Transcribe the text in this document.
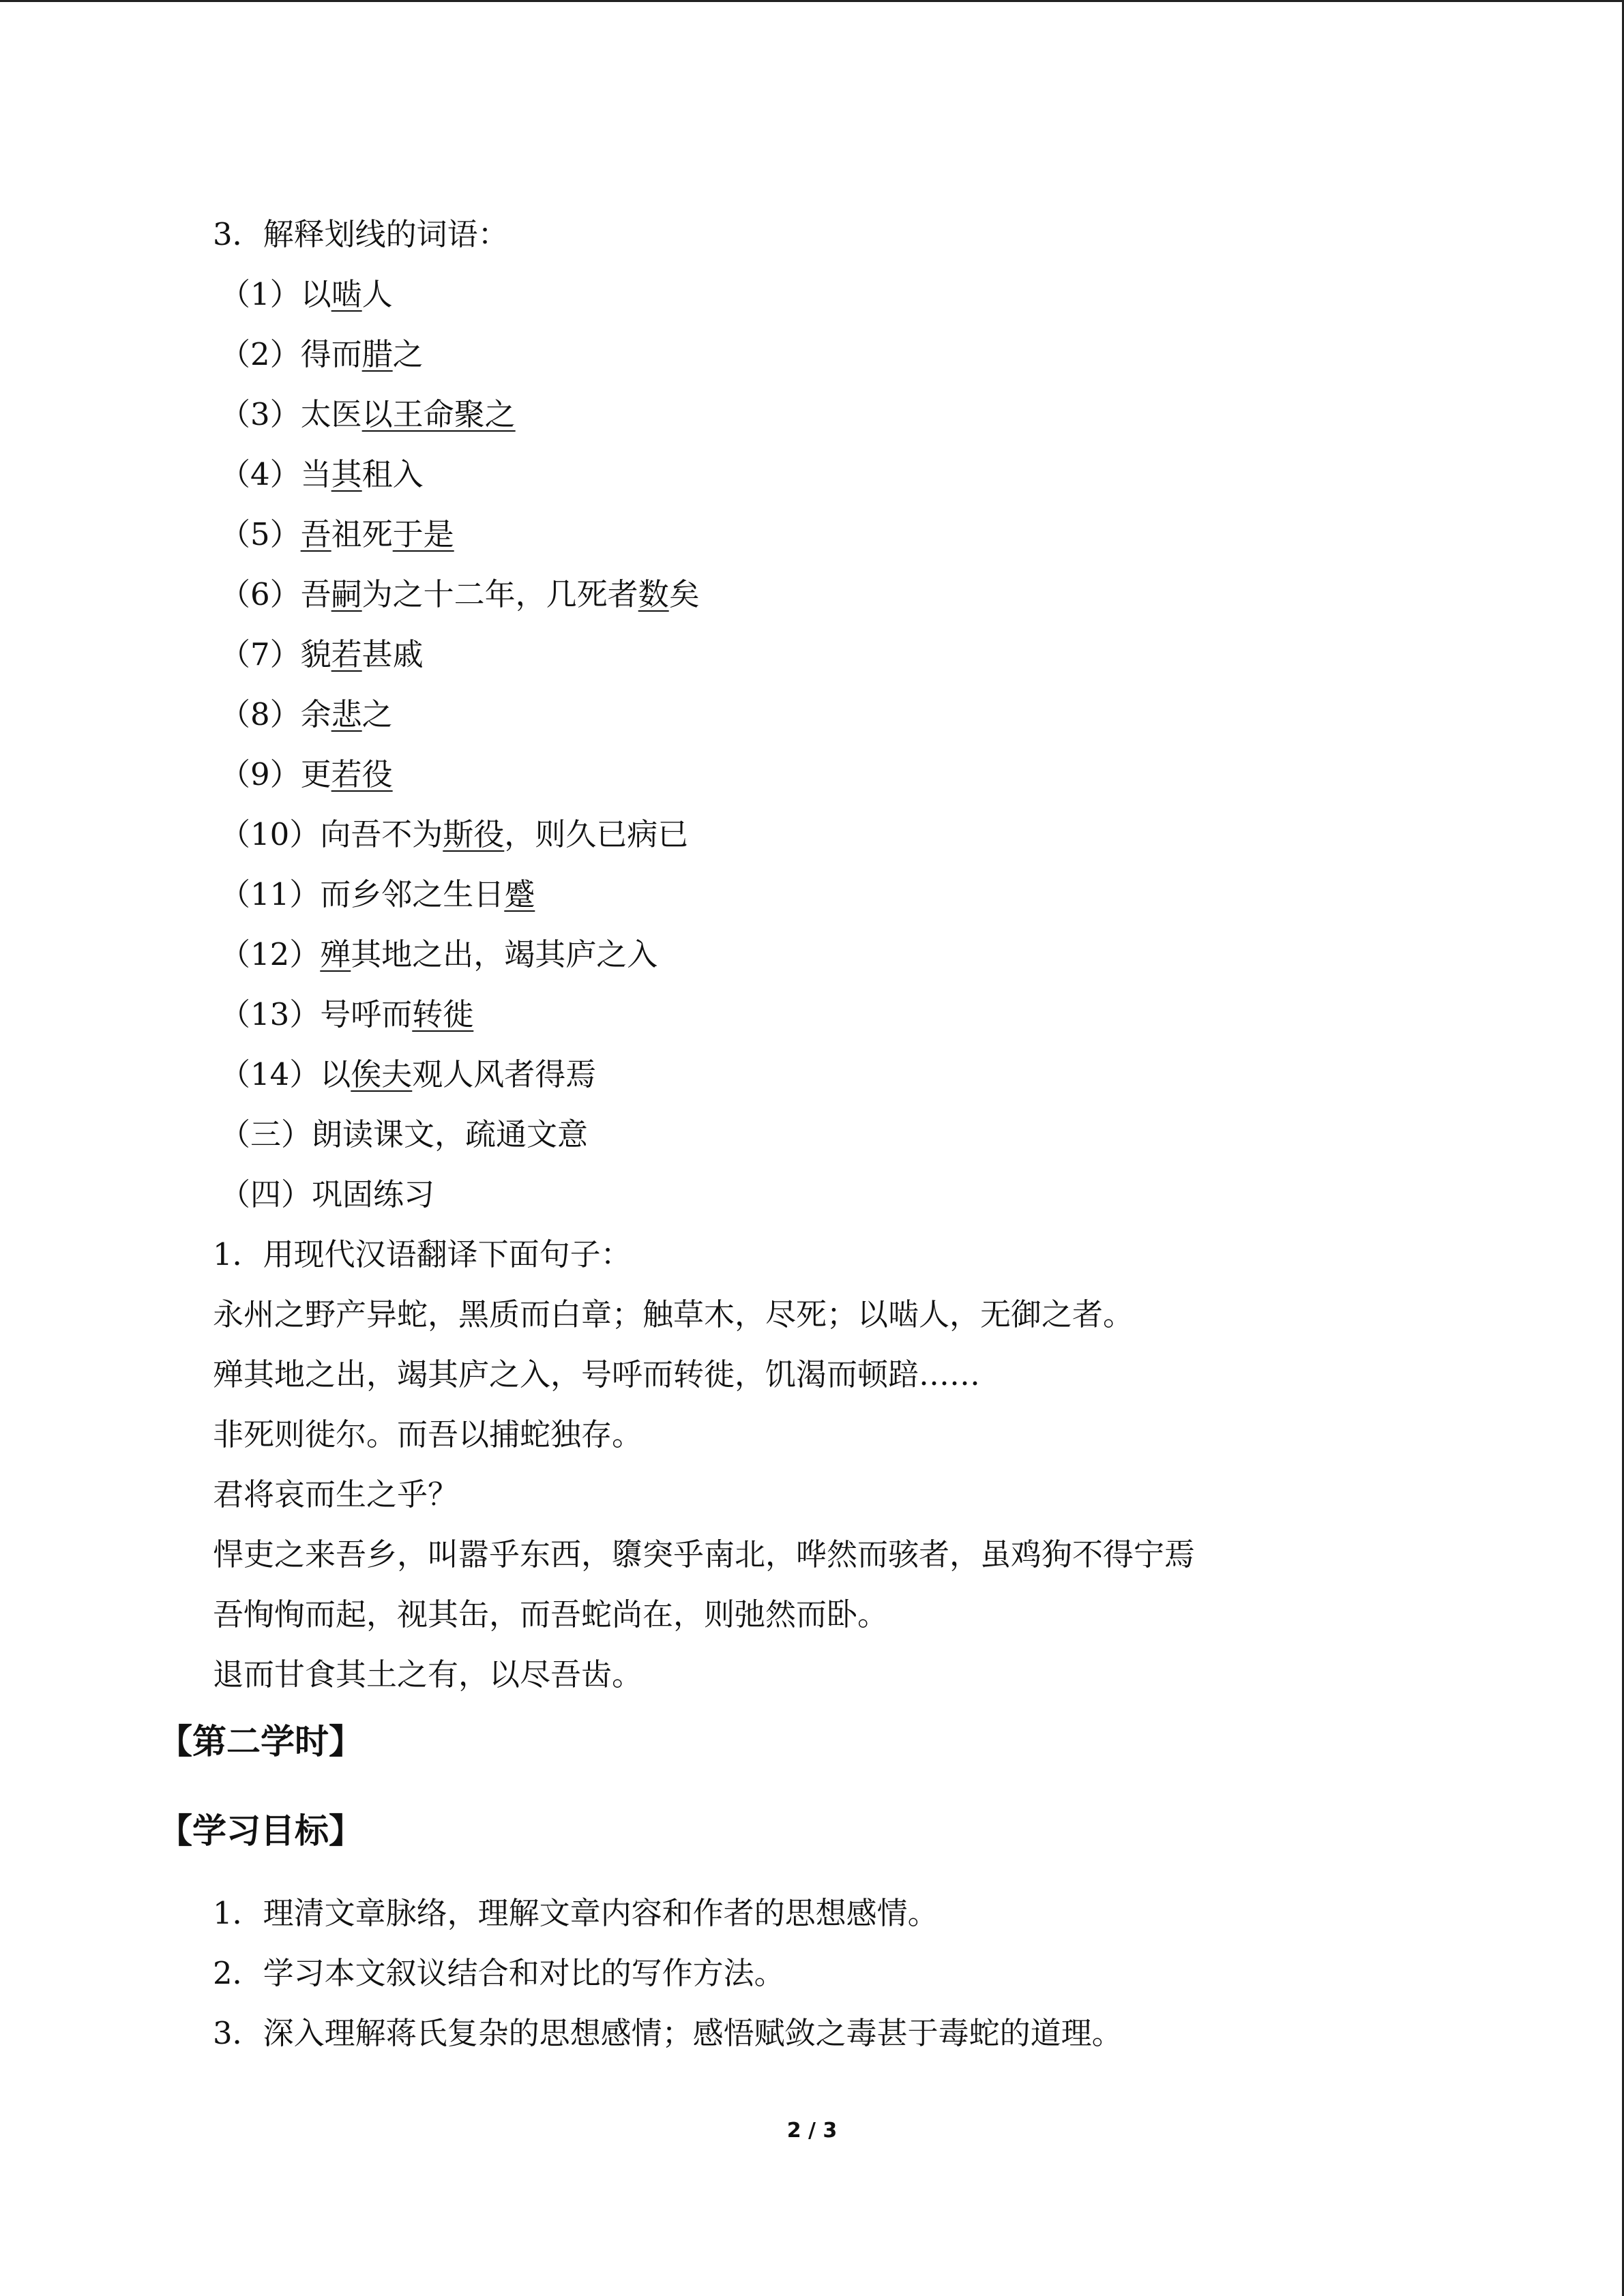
3．解释划线的词语：
（1）以啮人
（2）得而腊之
（3）太医以王命聚之
（4）当其租入
（5）吾祖死于是
（6）吾嗣为之十二年，几死者数矣
（7）貌若甚戚
（8）余悲之
（9）更若役
（10）向吾不为斯役，则久已病已
（11）而乡邻之生日蹙
（12）殚其地之出，竭其庐之入
（13）号呼而转徙
（14）以俟夫观人风者得焉
（三）朗读课文，疏通文意
（四）巩固练习
1．用现代汉语翻译下面句子：
永州之野产异蛇，黑质而白章；触草木，尽死；以啮人，无御之者。
殚其地之出，竭其庐之入，号呼而转徙，饥渴而顿踣……
非死则徙尔。而吾以捕蛇独存。
君将哀而生之乎？
悍吏之来吾乡，叫嚣乎东西，隳突乎南北，哗然而骇者，虽鸡狗不得宁焉
吾恂恂而起，视其缶，而吾蛇尚在，则弛然而卧。
退而甘食其土之有，以尽吾齿。
【第二学时】
【学习目标】
1．理清文章脉络，理解文章内容和作者的思想感情。
2．学习本文叙议结合和对比的写作方法。
3．深入理解蒋氏复杂的思想感情；感悟赋敛之毒甚于毒蛇的道理。
2 / 3
